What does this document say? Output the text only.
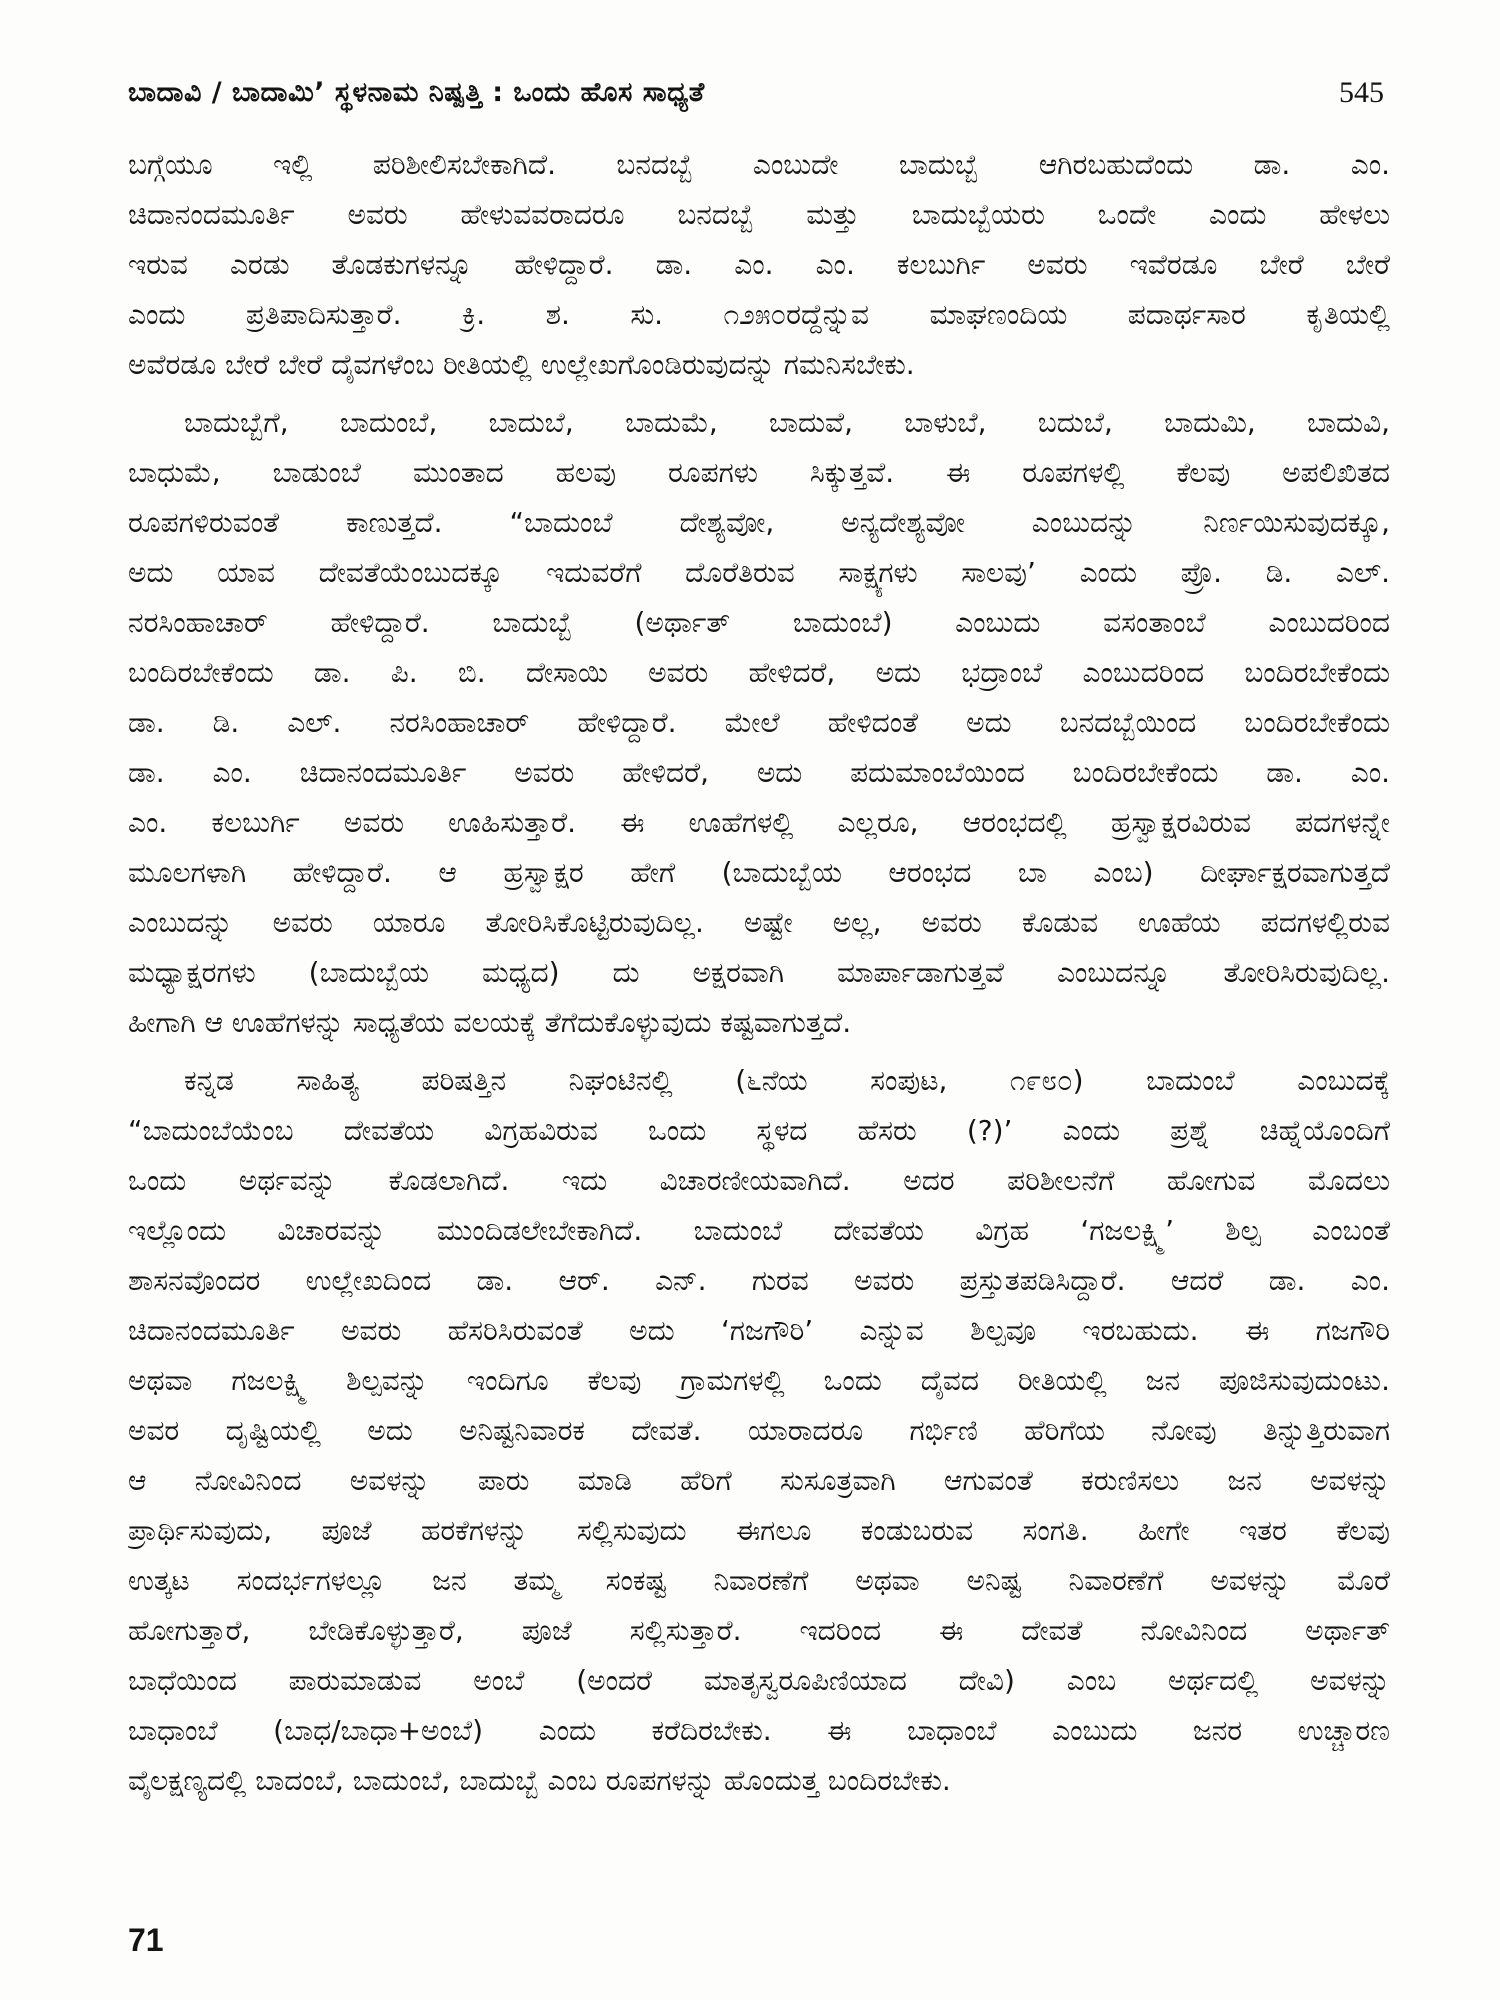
ಬಾದಾವಿ / ಬಾದಾಮಿ’ ಸ್ಥಳನಾಮ ನಿಷ್ಪತ್ತಿ : ಒಂದು ಹೊಸ ಸಾಧ್ಯತೆ	545
ಬಗ್ಗೆಯೂ ಇಲ್ಲಿ ಪರಿಶೀಲಿಸಬೇಕಾಗಿದೆ. ಬನದಬ್ಬೆ ಎಂಬುದೇ ಬಾದುಬ್ಬೆ ಆಗಿರಬಹುದೆಂದು ಡಾ. ಎಂ.
ಚಿದಾನಂದಮೂರ್ತಿ ಅವರು ಹೇಳುವವರಾದರೂ ಬನದಬ್ಬೆ ಮತ್ತು ಬಾದುಬ್ಬೆಯರು ಒಂದೇ ಎಂದು ಹೇಳಲು
ಇರುವ ಎರಡು ತೊಡಕುಗಳನ್ನೂ ಹೇಳಿದ್ದಾರೆ. ಡಾ. ಎಂ. ಎಂ. ಕಲಬುರ್ಗಿ ಅವರು ಇವೆರಡೂ ಬೇರೆ ಬೇರೆ
ಎಂದು ಪ್ರತಿಪಾದಿಸುತ್ತಾರೆ. ಕ್ರಿ. ಶ. ಸು. ೧೨೫೦ರದ್ದೆನ್ನುವ ಮಾಘಣಂದಿಯ ಪದಾರ್ಥಸಾರ ಕೃತಿಯಲ್ಲಿ
ಅವೆರಡೂ ಬೇರೆ ಬೇರೆ ದೈವಗಳೆಂಬ ರೀತಿಯಲ್ಲಿ ಉಲ್ಲೇಖಗೊಂಡಿರುವುದನ್ನು ಗಮನಿಸಬೇಕು.
ಬಾದುಬ್ಬೆಗೆ, ಬಾದುಂಬೆ, ಬಾದುಬೆ, ಬಾದುಮೆ, ಬಾದುವೆ, ಬಾಳುಬೆ, ಬದುಬೆ, ಬಾದುಮಿ, ಬಾದುವಿ,
ಬಾಧುಮೆ, ಬಾಡುಂಬೆ ಮುಂತಾದ ಹಲವು ರೂಪಗಳು ಸಿಕ್ಕುತ್ತವೆ. ಈ ರೂಪಗಳಲ್ಲಿ ಕೆಲವು ಅಪಲಿಖಿತದ
ರೂಪಗಳಿರುವಂತೆ ಕಾಣುತ್ತದೆ. “ಬಾದುಂಬೆ ದೇಶ್ಯವೋ, ಅನ್ಯದೇಶ್ಯವೋ ಎಂಬುದನ್ನು ನಿರ್ಣಯಿಸುವುದಕ್ಕೂ,
ಅದು ಯಾವ ದೇವತೆಯೆಂಬುದಕ್ಕೂ ಇದುವರೆಗೆ ದೊರೆತಿರುವ ಸಾಕ್ಷ್ಯಗಳು ಸಾಲವು’ ಎಂದು ಪ್ರೊ. ಡಿ. ಎಲ್.
ನರಸಿಂಹಾಚಾರ್ ಹೇಳಿದ್ದಾರೆ. ಬಾದುಬ್ಬೆ (ಅರ್ಥಾತ್ ಬಾದುಂಬೆ) ಎಂಬುದು ವಸಂತಾಂಬೆ ಎಂಬುದರಿಂದ
ಬಂದಿರಬೇಕೆಂದು ಡಾ. ಪಿ. ಬಿ. ದೇಸಾಯಿ ಅವರು ಹೇಳಿದರೆ, ಅದು ಭದ್ರಾಂಬೆ ಎಂಬುದರಿಂದ ಬಂದಿರಬೇಕೆಂದು
ಡಾ. ಡಿ. ಎಲ್. ನರಸಿಂಹಾಚಾರ್ ಹೇಳಿದ್ದಾರೆ. ಮೇಲೆ ಹೇಳಿದಂತೆ ಅದು ಬನದಬ್ಬೆಯಿಂದ ಬಂದಿರಬೇಕೆಂದು
ಡಾ. ಎಂ. ಚಿದಾನಂದಮೂರ್ತಿ ಅವರು ಹೇಳಿದರೆ, ಅದು ಪದುಮಾಂಬೆಯಿಂದ ಬಂದಿರಬೇಕೆಂದು ಡಾ. ಎಂ.
ಎಂ. ಕಲಬುರ್ಗಿ ಅವರು ಊಹಿಸುತ್ತಾರೆ. ಈ ಊಹೆಗಳಲ್ಲಿ ಎಲ್ಲರೂ, ಆರಂಭದಲ್ಲಿ ಹ್ರಸ್ವಾಕ್ಷರವಿರುವ ಪದಗಳನ್ನೇ
ಮೂಲಗಳಾಗಿ ಹೇಳಿದ್ದಾರೆ. ಆ ಹ್ರಸ್ವಾಕ್ಷರ ಹೇಗೆ (ಬಾದುಬ್ಬೆಯ ಆರಂಭದ ಬಾ ಎಂಬ) ದೀರ್ಘಾಕ್ಷರವಾಗುತ್ತದೆ
ಎಂಬುದನ್ನು ಅವರು ಯಾರೂ ತೋರಿಸಿಕೊಟ್ಟಿರುವುದಿಲ್ಲ. ಅಷ್ಟೇ ಅಲ್ಲ, ಅವರು ಕೊಡುವ ಊಹೆಯ ಪದಗಳಲ್ಲಿರುವ
ಮಧ್ಯಾಕ್ಷರಗಳು (ಬಾದುಬ್ಬೆಯ ಮಧ್ಯದ) ದು ಅಕ್ಷರವಾಗಿ ಮಾರ್ಪಾಡಾಗುತ್ತವೆ ಎಂಬುದನ್ನೂ ತೋರಿಸಿರುವುದಿಲ್ಲ.
ಹೀಗಾಗಿ ಆ ಊಹೆಗಳನ್ನು ಸಾಧ್ಯತೆಯ ವಲಯಕ್ಕೆ ತೆಗೆದುಕೊಳ್ಳುವುದು ಕಷ್ಟವಾಗುತ್ತದೆ.
ಕನ್ನಡ ಸಾಹಿತ್ಯ ಪರಿಷತ್ತಿನ ನಿಘಂಟಿನಲ್ಲಿ (೬ನೆಯ ಸಂಪುಟ, ೧೯೮೦) ಬಾದುಂಬೆ ಎಂಬುದಕ್ಕೆ
“ಬಾದುಂಬೆಯೆಂಬ ದೇವತೆಯ ವಿಗ್ರಹವಿರುವ ಒಂದು ಸ್ಥಳದ ಹೆಸರು (?)’ ಎಂದು ಪ್ರಶ್ನೆ ಚಿಹ್ನೆಯೊಂದಿಗೆ
ಒಂದು ಅರ್ಥವನ್ನು ಕೊಡಲಾಗಿದೆ. ಇದು ವಿಚಾರಣೀಯವಾಗಿದೆ. ಅದರ ಪರಿಶೀಲನೆಗೆ ಹೋಗುವ ಮೊದಲು
ಇಲ್ಲೊಂದು ವಿಚಾರವನ್ನು ಮುಂದಿಡಲೇಬೇಕಾಗಿದೆ. ಬಾದುಂಬೆ ದೇವತೆಯ ವಿಗ್ರಹ ‘ಗಜಲಕ್ಷ್ಮಿ’ ಶಿಲ್ಪ ಎಂಬಂತೆ
ಶಾಸನವೊಂದರ ಉಲ್ಲೇಖದಿಂದ ಡಾ. ಆರ್. ಎನ್. ಗುರವ ಅವರು ಪ್ರಸ್ತುತಪಡಿಸಿದ್ದಾರೆ. ಆದರೆ ಡಾ. ಎಂ.
ಚಿದಾನಂದಮೂರ್ತಿ ಅವರು ಹೆಸರಿಸಿರುವಂತೆ ಅದು ‘ಗಜಗೌರಿ’ ಎನ್ನುವ ಶಿಲ್ಪವೂ ಇರಬಹುದು. ಈ ಗಜಗೌರಿ
ಅಥವಾ ಗಜಲಕ್ಷ್ಮಿ ಶಿಲ್ಪವನ್ನು ಇಂದಿಗೂ ಕೆಲವು ಗ್ರಾಮಗಳಲ್ಲಿ ಒಂದು ದೈವದ ರೀತಿಯಲ್ಲಿ ಜನ ಪೂಜಿಸುವುದುಂಟು.
ಅವರ ದೃಷ್ಟಿಯಲ್ಲಿ ಅದು ಅನಿಷ್ಟನಿವಾರಕ ದೇವತೆ. ಯಾರಾದರೂ ಗರ್ಭಿಣಿ ಹೆರಿಗೆಯ ನೋವು ತಿನ್ನುತ್ತಿರುವಾಗ
ಆ ನೋವಿನಿಂದ ಅವಳನ್ನು ಪಾರು ಮಾಡಿ ಹೆರಿಗೆ ಸುಸೂತ್ರವಾಗಿ ಆಗುವಂತೆ ಕರುಣಿಸಲು ಜನ ಅವಳನ್ನು
ಪ್ರಾರ್ಥಿಸುವುದು, ಪೂಜೆ ಹರಕೆಗಳನ್ನು ಸಲ್ಲಿಸುವುದು ಈಗಲೂ ಕಂಡುಬರುವ ಸಂಗತಿ. ಹೀಗೇ ಇತರ ಕೆಲವು
ಉತ್ಕಟ ಸಂದರ್ಭಗಳಲ್ಲೂ ಜನ ತಮ್ಮ ಸಂಕಷ್ಟ ನಿವಾರಣೆಗೆ ಅಥವಾ ಅನಿಷ್ಟ ನಿವಾರಣೆಗೆ ಅವಳನ್ನು ಮೊರೆ
ಹೋಗುತ್ತಾರೆ, ಬೇಡಿಕೊಳ್ಳುತ್ತಾರೆ, ಪೂಜೆ ಸಲ್ಲಿಸುತ್ತಾರೆ. ಇದರಿಂದ ಈ ದೇವತೆ ನೋವಿನಿಂದ ಅರ್ಥಾತ್
ಬಾಧೆಯಿಂದ ಪಾರುಮಾಡುವ ಅಂಬೆ (ಅಂದರೆ ಮಾತೃಸ್ವರೂಪಿಣಿಯಾದ ದೇವಿ) ಎಂಬ ಅರ್ಥದಲ್ಲಿ ಅವಳನ್ನು
ಬಾಧಾಂಬೆ (ಬಾಧ/ಬಾಧಾ+ಅಂಬೆ) ಎಂದು ಕರೆದಿರಬೇಕು. ಈ ಬಾಧಾಂಬೆ ಎಂಬುದು ಜನರ ಉಚ್ಚಾರಣ
ವೈಲಕ್ಷಣ್ಯದಲ್ಲಿ ಬಾದಂಬೆ, ಬಾದುಂಬೆ, ಬಾದುಬ್ಬೆ ಎಂಬ ರೂಪಗಳನ್ನು ಹೊಂದುತ್ತ ಬಂದಿರಬೇಕು.
71
